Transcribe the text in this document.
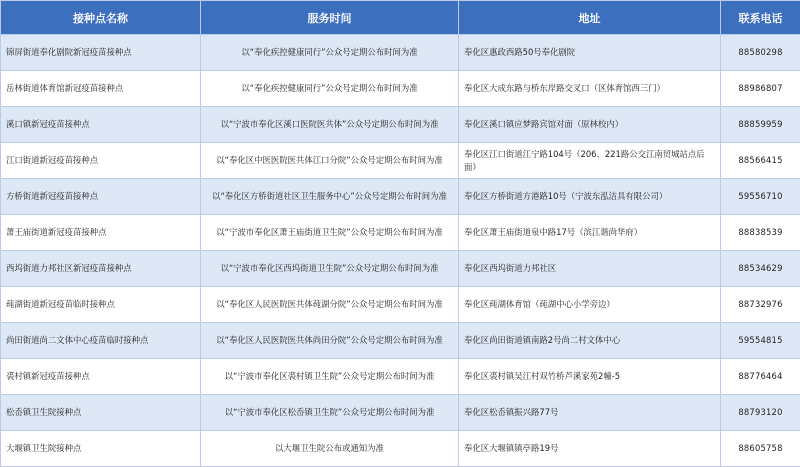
接种点名称	服务时间	地址	联系电话
锦屏街道奉化剧院新冠疫苗接种点	以“奉化疾控健康同行”公众号定期公布时间为准	奉化区惠政西路50号奉化剧院	88580298
岳林街道体育馆新冠疫苗接种点	以“奉化疾控健康同行”公众号定期公布时间为准	奉化区大成东路与桥东岸路交叉口（区体育馆西三门）	88986807
溪口镇新冠疫苗接种点	以“宁波市奉化区溪口医院医共体”公众号定期公布时间为准	奉化区溪口镇应梦路宾馆对面（原林校内）	88859959
江口街道新冠疫苗接种点	以“奉化区中医医院医共体江口分院”公众号定期公布时间为准	奉化区江口街道江宁路104号（206、221路公交江南贸城站点后面）	88566415
方桥街道新冠疫苗接种点	以“奉化区方桥街道社区卫生服务中心”公众号定期公布时间为准	奉化区方桥街道方港路10号（宁波东泓洁具有限公司）	59556710
萧王庙街道新冠疫苗接种点	以“宁波市奉化区萧王庙街道卫生院”公众号定期公布时间为准	奉化区萧王庙街道泉中路17号（滨江谐尚华府）	88838539
西坞街道力邦社区新冠疫苗接种点	以“宁波市奉化区西坞街道卫生院”公众号定期公布时间为准	奉化区西坞街道力邦社区	88534629
莼湖街道新冠疫苗临时接种点	以“奉化区人民医院医共体莼湖分院”公众号定期公布时间为准	奉化区莼湖体育馆（莼湖中心小学旁边）	88732976
尚田街道尚二文体中心疫苗临时接种点	以“奉化区人民医院医共体尚田分院”公众号定期公布时间为准	奉化区尚田街道镇南路2号尚二村文体中心	59554815
裘村镇新冠疫苗接种点	以“宁波市奉化区裘村镇卫生院”公众号定期公布时间为准	奉化区裘村镇吴江村双竹桥芦溪家苑2幢-5	88776464
松岙镇卫生院接种点	以“宁波市奉化区松岙镇卫生院”公众号定期公布时间为准	奉化区松岙镇振兴路77号	88793120
大堰镇卫生院接种点	以大堰卫生院公布或通知为准	奉化区大堰镇镇亭路19号	88605758
